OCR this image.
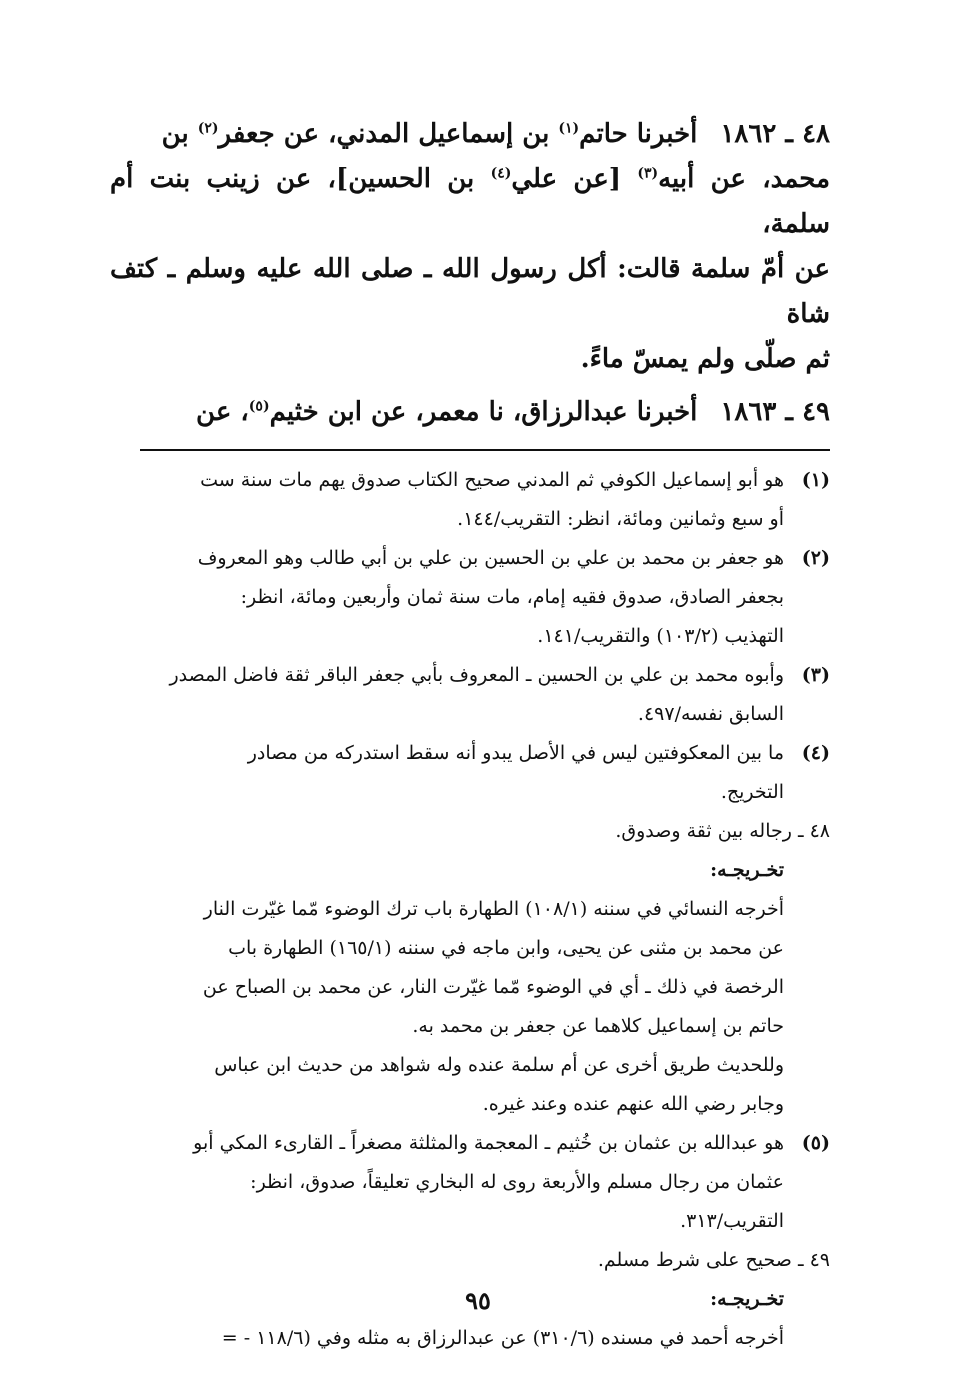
٤٨ ـ ١٨٦٢ أخبرنا حاتم$^{(١)}$ بن إسماعيل المدني، عن جعفر$^{(٢)}$ بن
محمد، عن أبيه$^{(٣)}$ [عن علي$^{(٤)}$ بن الحسين]، عن زينب بنت أم سلمة،
عن أمّ سلمة قالت: أكل رسول الله ـ صلى الله عليه وسلم ـ كتف شاة
ثم صلّى ولم يمسّ ماءً.

٤٩ ـ ١٨٦٣ أخبرنا عبدالرزاق، نا معمر، عن ابن خثيم$^{(٥)}$، عن

(١)
هو أبو إسماعيل الكوفي ثم المدني صحيح الكتاب صدوق يهم مات سنة ست
أو سبع وثمانين ومائة، انظر: التقريب/١٤٤.
(٢)
هو جعفر بن محمد بن علي بن الحسين بن علي بن أبي طالب وهو المعروف
بجعفر الصادق، صدوق فقيه إمام، مات سنة ثمان وأربعين ومائة، انظر:
التهذيب (١٠٣/٢) والتقريب/١٤١.
(٣)
وأبوه محمد بن علي بن الحسين ـ المعروف بأبي جعفر الباقر ثقة فاضل المصدر
السابق نفسه/٤٩٧.
(٤)
ما بين المعكوفتين ليس في الأصل يبدو أنه سقط استدركه من مصادر
التخريج.
٤٨ ـ رجاله بين ثقة وصدوق.
تخـريجـه:
أخرجه النسائي في سننه (١٠٨/١) الطهارة باب ترك الوضوء مّما غيّرت النار
عن محمد بن مثنى عن يحيى، وابن ماجه في سننه (١٦٥/١) الطهارة باب
الرخصة في ذلك ـ أي في الوضوء مّما غيّرت النار، عن محمد بن الصباح عن
حاتم بن إسماعيل كلاهما عن جعفر بن محمد به.
وللحديث طريق أخرى عن أم سلمة عنده وله شواهد من حديث ابن عباس
وجابر رضي الله عنهم عنده وعند غيره.
(٥)
هو عبدالله بن عثمان بن خُثيم ـ المعجمة والمثلثة مصغراً ـ القارىء المكي أبو
عثمان من رجال مسلم والأربعة روى له البخاري تعليقاً، صدوق، انظر:
التقريب/٣١٣.
٤٩ ـ صحيح على شرط مسلم.
تخـريجـه:
أخرجه أحمد في مسنده (٣١٠/٦) عن عبدالرزاق به مثله وفي (١١٨/٦ - =
٩٥
